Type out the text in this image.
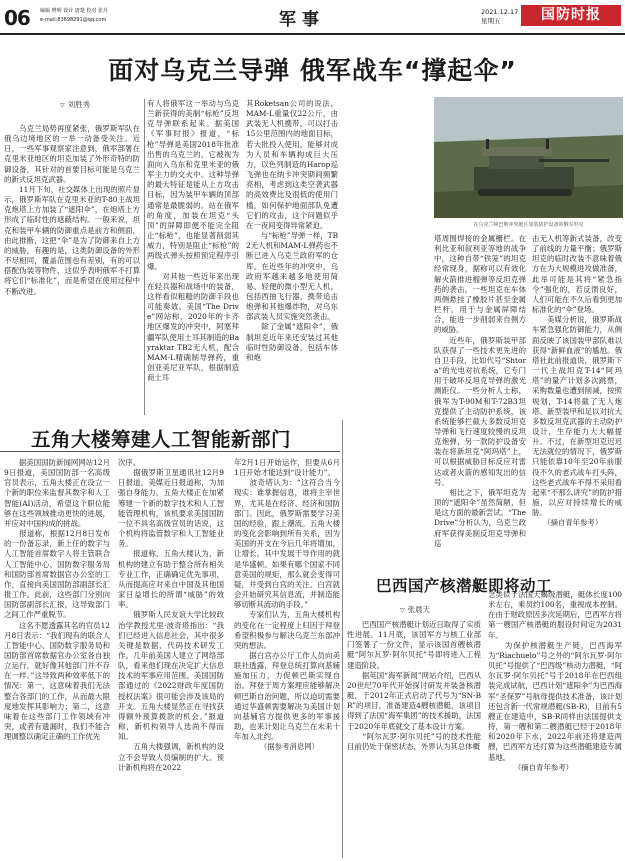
06 编辑 樊明 设计 唐楚 校对 张丹
e-mail:83698291@qq.com	军事	2021.12.17
星期五	国防时报
面对乌克兰导弹 俄军战车“撑起伞”
▽ 刘胜秀
　　乌克兰局势再度紧张，俄罗斯军队在俄乌边境地区的一举一动备受关注。近日，一些军事观察家注意到，俄军部署在克里米亚地区的坦克加装了外形奇特的防御设备，其针对的首要目标可能是乌克兰的新式反坦克武器。
　　11月下旬，社交媒体上出现的照片显示，俄罗斯军队在克里米亚的T-80主战坦克炮塔上方加装了“遮阳伞”，在炮塔上方形成了临时性的遮蔽结构。一般来说，坦克和装甲车辆的防御重点是前方和侧面，由此推断，这把“伞”是为了防御来自上方的威胁，有趣的是，这类防御设备的外形不尽相同，覆盖范围也有差别，有的可以搭配伪装等物件，这似乎表明俄军不打算将它们“标准化”，而是希望在使用过程中不断改进。
有人将俄军这一举动与乌克兰新获得的美制“标枪”反坦克导弹联系起来。据美国《军事时报》报道，“标枪”导弹是美国2018年批准出售的乌克兰的，它被视为面向入乌东和克里米亚的俄军主力的交火中。这种导弹的最大特征是能从上方攻击目标，因为装甲车辆的顶部通常是最脆弱的。站在俄军的角度，加装在坦克“头顶”的屏障即便不能完全阻止“标枪”，也能显著削弱其威力，特别是阻止“标枪”的两级式弹头按照预定程序引爆。
　　对其他一些近年来出现在轻兵器和战场中的装备，这样看似粗糙的防御手段也可能奏效。美国“The Drive”网站称，2020年的卡齐地区爆发的冲突中，阿塞拜疆军队使用土耳其制造的Bayraktar TB2无人机，配合MAM-L精确制导弹药，重创亚美尼亚军队，根据制造商土耳
其Roketsan公司的说法，MAM-L重量仅22公斤，由武装无人机携带，可以打击15公里范围内的地面目标，若大批投入使用，能够对成为人员和车辆构成巨大压力，以色列制造的Harop巡飞弹也在纳卡冲突期间频繁亮相，考虑到这类空袭武器的高效费比及很低的使用门槛，如何保护地面部队免遭它们的攻击，这个问题似乎在一夜间变得异常紧迫。
　　与“标枪”导弹一样，TB2无人机和MAM-L弹药也不断已进入乌克兰政府军的仓库。在近些年的冲突中，乌政府军越来越多地使用简易、轻便的微小型无人机，包括西抽飞行器，携带追击炮弹和其他爆炸物，对乌东部武装人员实施突然袭击。
　　除了金属“遮阳伞”，俄制坦克近年来还安装过其他临时性防御设备，包括车体和炮
在乌克兰顿巴斯冲突地区加装防护设备的俄军坦克
塔周围焊接的金属栅栏。在利比亚和叙利亚等地的战争中，这种自带“铁笼”的坦克经常现身，据称可以有效化解火箭推进榴弹等反坦克弹药的袭击，一些坦克在车体两侧悬挂了橡胶片甚至金属栏杆，用于与金属屏障结合，能进一步削弱来自侧方的威胁。
　　近些年，俄罗斯装甲部队获得了一些技术更先进的自卫手段，比如代号“Shtora”的光电对抗系统，它专门用于破坏反坦克导弹的激光测距仪。一些分析人士称，俄军为T-90M和T-72B3坦克提供了主动防护系统，该系统能够拦截大多数反坦克导弹和飞行速度较慢的反坦克炮弹，另一款防护设备安装在将新坦克“阿玛塔”上，可以根据威胁目标反应对雷达或者火箭的感知发出的信号。
　　相比之下，俄军坦克为顶的“遮阳伞”虽然简陋，但是这方面的最新尝试。“The Drive”分析认为，乌克兰政府军获得美制反坦克导弹和巡
击无人机等新式装备，改变了前线的力量平衡；俄罗斯坦克的临时改装不意味着俄方在为大规模进攻做准备，此举可能是其将“紧急指令”强化的，若反馈良好，人们可能在不久后看到更加标准化的“伞”登场。
　　美媒分析说，俄罗斯战车紧急强化防御能力，从侧面反映了该国装甲部队难以获得“新鲜血液”的尴尬。俄塔社此前报道说，俄罗斯下一代主战坦克T-14“阿玛塔”的量产计划多次跳票，采购数量也遭到削减，按照规划，T-14将截了无人炮塔、新型装甲和足以对抗大多数反坦克武器的主动防护设计，生存能力大大幅提升。不过，在新型坦克迟迟无法就位的情况下，俄罗斯只能依靠10年至20年前服役不久的老式战车打头阵，这些老式战车不得不采用看起来“不那么讲究”的防护措施，以应对持续增长的威胁。
　　（摘自青年参考）
五角大楼筹建人工智能新部门
　　据美国国防新闻网网站12月9日报道，美国国防部一名高级官员表示，五角大楼正在设立一个新的职位来监督其数字和人工智能(AI)活动，希望这个职位能够在这些领域推动更快的进展，并应对中国构成的挑战。
　　报道称，根据12月8日发布的一份备忘录，新上任的数字与人工智能首席数字人将主管联合人工智能中心、国防数字服务局和国防部首席数据官办公室的工作，直接向美国国防部副部长汇报工作。此前，这些部门分别向国防部副部长汇报，这导致部门之间工作严重脱节。
　　这名不愿透露其名的官员12月8日表示：“我们现有的联合人工智能中心、国防数字服务局和国防部首席数据官办公室各自独立运行，就好像其他部门并不存在一样。”这导致两种效率低下的情况：第一，这意味着我们无法整合各部门的工作，从而最大限度地发挥其影响力；第二，这意味着在这些部门工作领域有冲突，或者有遗漏时，我们不能合理调整以确定正确的工作优先
次序。
　　据俄罗斯卫星通讯社12月9日报道，美媒近日报道称，为加强自身能力，五角大楼正在加紧筹建一个新的数字技术和人工智能管理机构，该机要求美国国防一位不具名高级官员的话说，这个机构将监管数字和人工智能业务。
　　报道称，五角大楼认为，新机构的建立有助于整合所有相关专业工作，正确确定优先事项，从而提高应对来自中国及其他国家日益增长的所谓“威胁”的效率。
　　俄罗斯人民友谊大学比较政治学教授尤里·波奇塔指出：“我们已经进入信息社会，其中很多关键是数据、代码技术研发工作。几年前美国人建立了网络部队，看来他们现在决定扩大信息技术的军事应用范围。美国国防部通过的《2022财政年度国防授权法案》很可能会涉及该局的开支。五角大楼显然正在寻找获得额外预算拨款的机会。”报道称，新机构领导人选尚不得而知。
　　五角大楼强调，新机构的设立不会导致人员编制的扩大。预计新机构将在2022
年2月1日开始运作，但要从6月1日开始才能达到“设计能力”。
　　波奇塔认为：“这符合当今现实：谁掌握信息，谁将主宰世界，尤其是在经济、经济和国防部门。因此，俄罗斯需要学习美国的经验，跟上潮流。五角大楼的变化会影响到所有关系，因为美国的开支在今后几年将增加，让增长，其中发展干导作用的就是华盛顿。如果有哪个国家不同意美国的规矩，那么就会变得可疑，并受到白宫的关注，白宫就会开始研究其信息流，并制造能够切断其流动的手段。”
　　专家们认为，五角大楼机构的变化在一定程度上归因于拜登希望积极参与解决乌克兰东部冲突的想法。
　　据白宫办公厅工作人员向美联社透露，拜登总统打算向基辅施加压力，力促顿巴斯实现自治。拜登于周方案理应能够解决顿巴斯自治问题，所以迫切需要通过华盛顿需要解决为美国计划向基辅官方提供更多的军事援助，也来计划让乌克兰在未来十年加入北约。
　　　　（据参考消息网）
巴西国产核潜艇即将动工
▽ 张晨天
　　巴西国产核潜艇计划近日取得了实质性进展。11月底，该国军方与核工业部门签署了一份文件，显示该国首艘核潜艇“阿尔瓦罗·阿尔贝托”号即将进入工程建造阶段。
　　据英国“海军新闻”网站介绍，巴西从20世纪70年代开始探讨研发并装备核潜艇，于2012年正式启动了代号为“SN-BR”的项目，准备建造4艘核潜艇，该项目得到了法国“海军集团”的技术援助，法国于2020年年底就交了基本设计方案。
　　“阿尔瓦罗·阿尔贝托”号的技术性能目前仍处于保密状态，外界认为其总体概
念类似于法国天蝎级潜艇，艇体长度100米左右，乘员约100名，重视成本控制。在由于财政原因多次延期后，巴西军方将第一艘国产核潜艇的服役时间定为2031年。
　　为保护核潜艇生产链，巴西海军为“Riachuelo”号之外的“阿尔瓦罗·阿尔贝托”号提供了“巴西级”核动力潜艇，“阿尔瓦罗·阿尔贝托”号于2018年在巴西组装完成试航，巴西计划“遮阳伞”为巴西海军“圣保罗”号航母提供技术准备，该计划还包含新一代常规潜艇(SB-R)，目前有5艘正在建造中，SB-R同样由法国提供支持，第一艘和第二艘潜艇已经于2018年和2020年下水，2022年前还将建造两艘，巴西军方还打算为这些潜艇建造专属基地。
　　　　（摘自青年参考）
